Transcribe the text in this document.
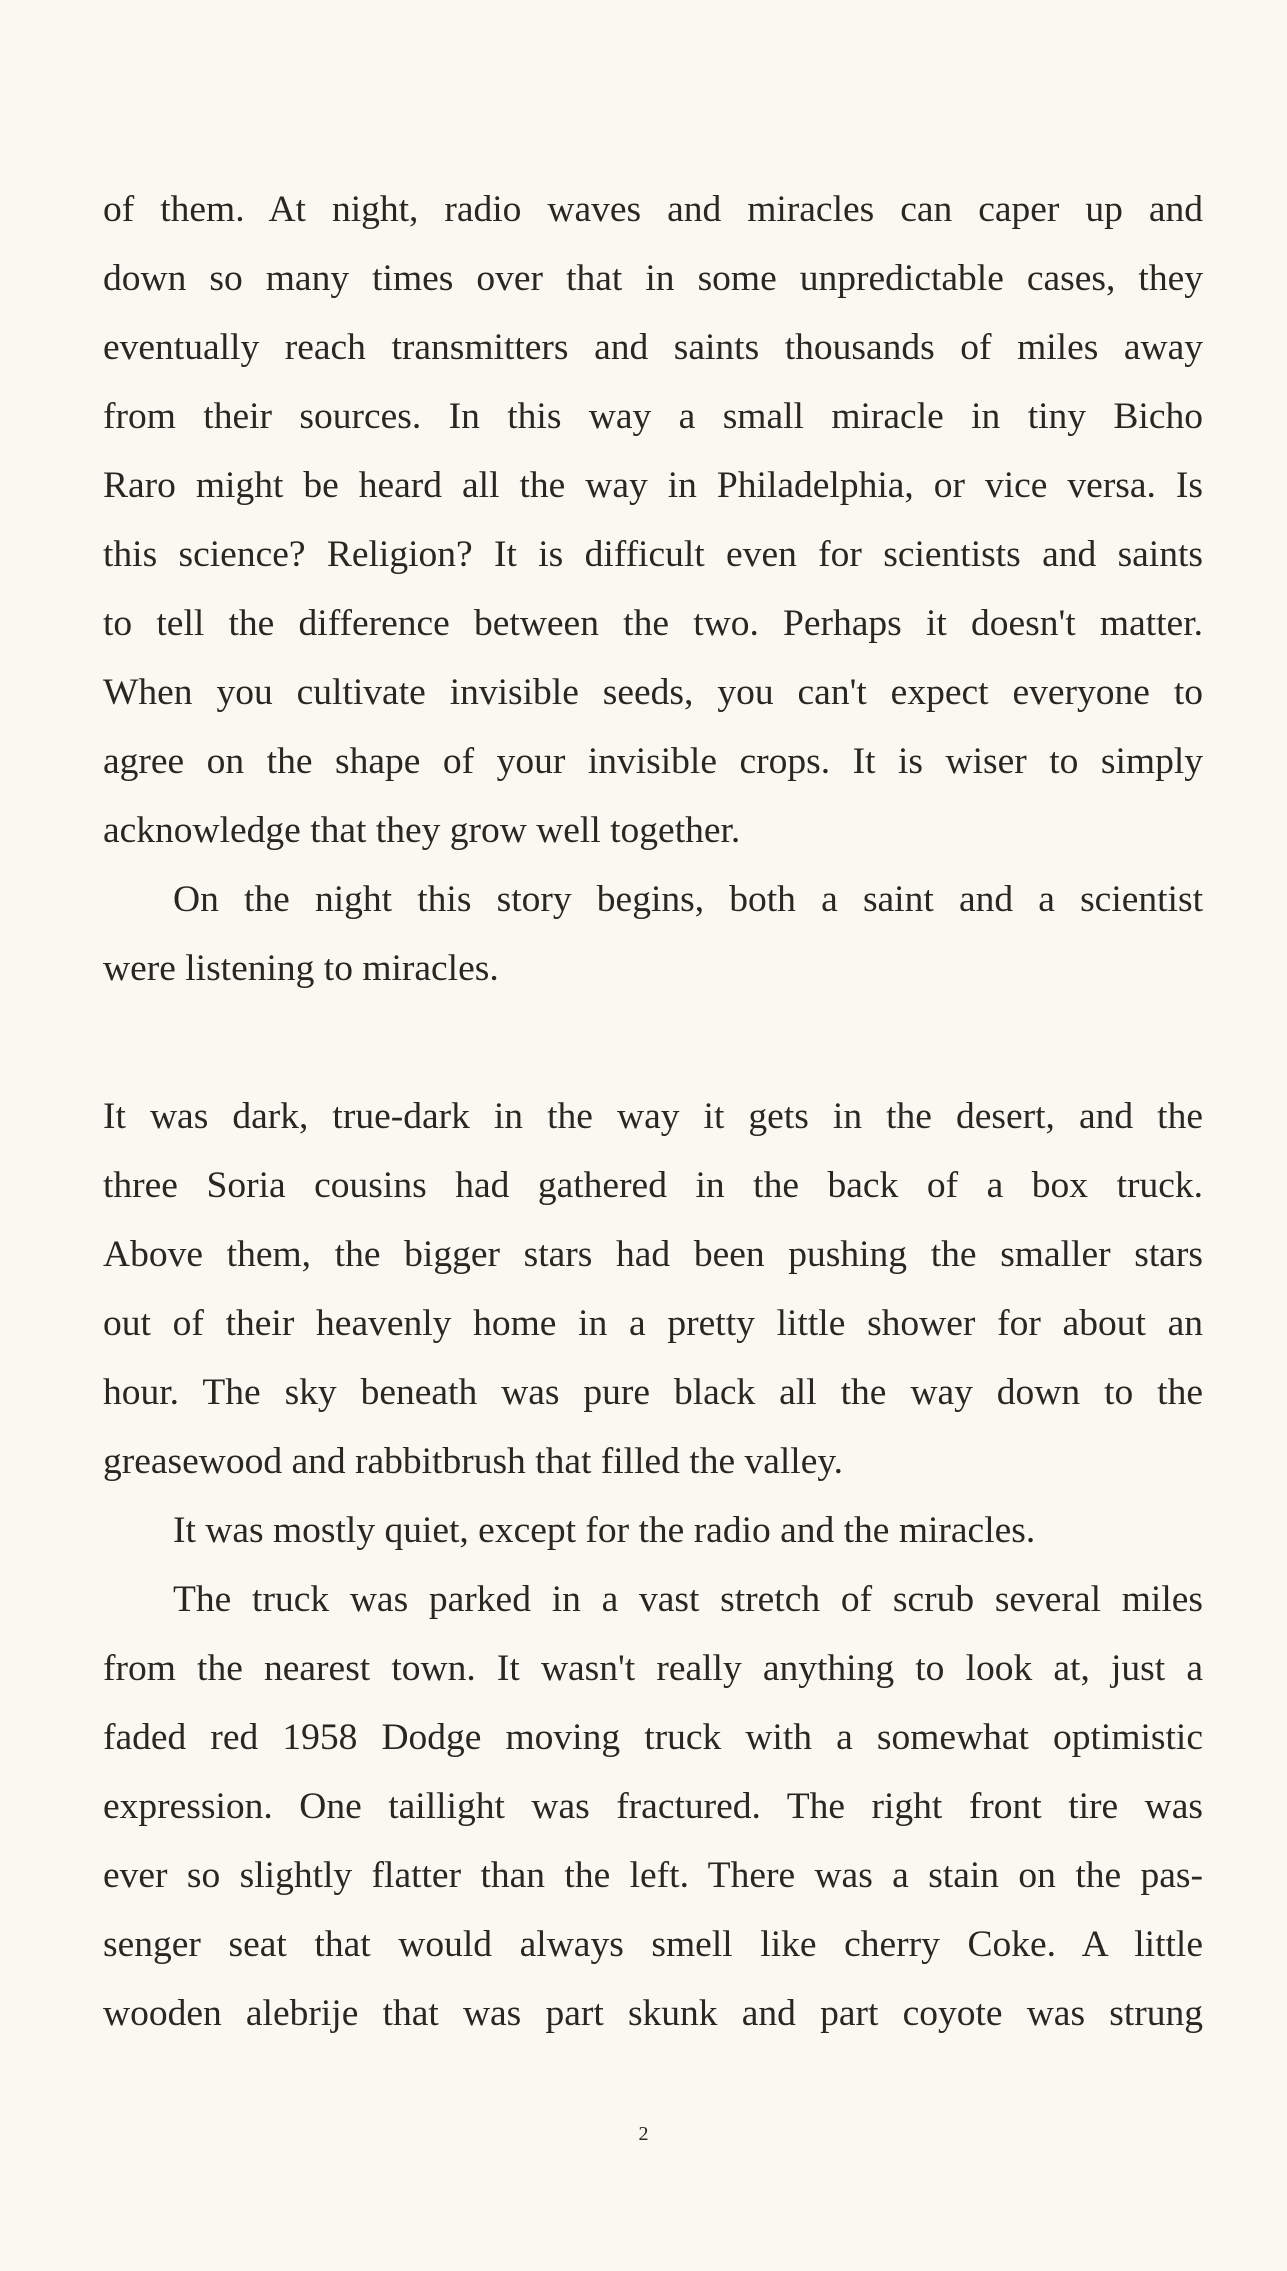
of them. At night, radio waves and miracles can caper up and
down so many times over that in some unpredictable cases, they
eventually reach transmitters and saints thousands of miles away
from their sources. In this way a small miracle in tiny Bicho
Raro might be heard all the way in Philadelphia, or vice versa. Is
this science? Religion? It is difficult even for scientists and saints
to tell the difference between the two. Perhaps it doesn't matter.
When you cultivate invisible seeds, you can't expect everyone to
agree on the shape of your invisible crops. It is wiser to simply
acknowledge that they grow well together.
On the night this story begins, both a saint and a scientist
were listening to miracles.
It was dark, true-dark in the way it gets in the desert, and the
three Soria cousins had gathered in the back of a box truck.
Above them, the bigger stars had been pushing the smaller stars
out of their heavenly home in a pretty little shower for about an
hour. The sky beneath was pure black all the way down to the
greasewood and rabbitbrush that filled the valley.
It was mostly quiet, except for the radio and the miracles.
The truck was parked in a vast stretch of scrub several miles
from the nearest town. It wasn't really anything to look at, just a
faded red 1958 Dodge moving truck with a somewhat optimistic
expression. One taillight was fractured. The right front tire was
ever so slightly flatter than the left. There was a stain on the pas-
senger seat that would always smell like cherry Coke. A little
wooden alebrije that was part skunk and part coyote was strung
2
